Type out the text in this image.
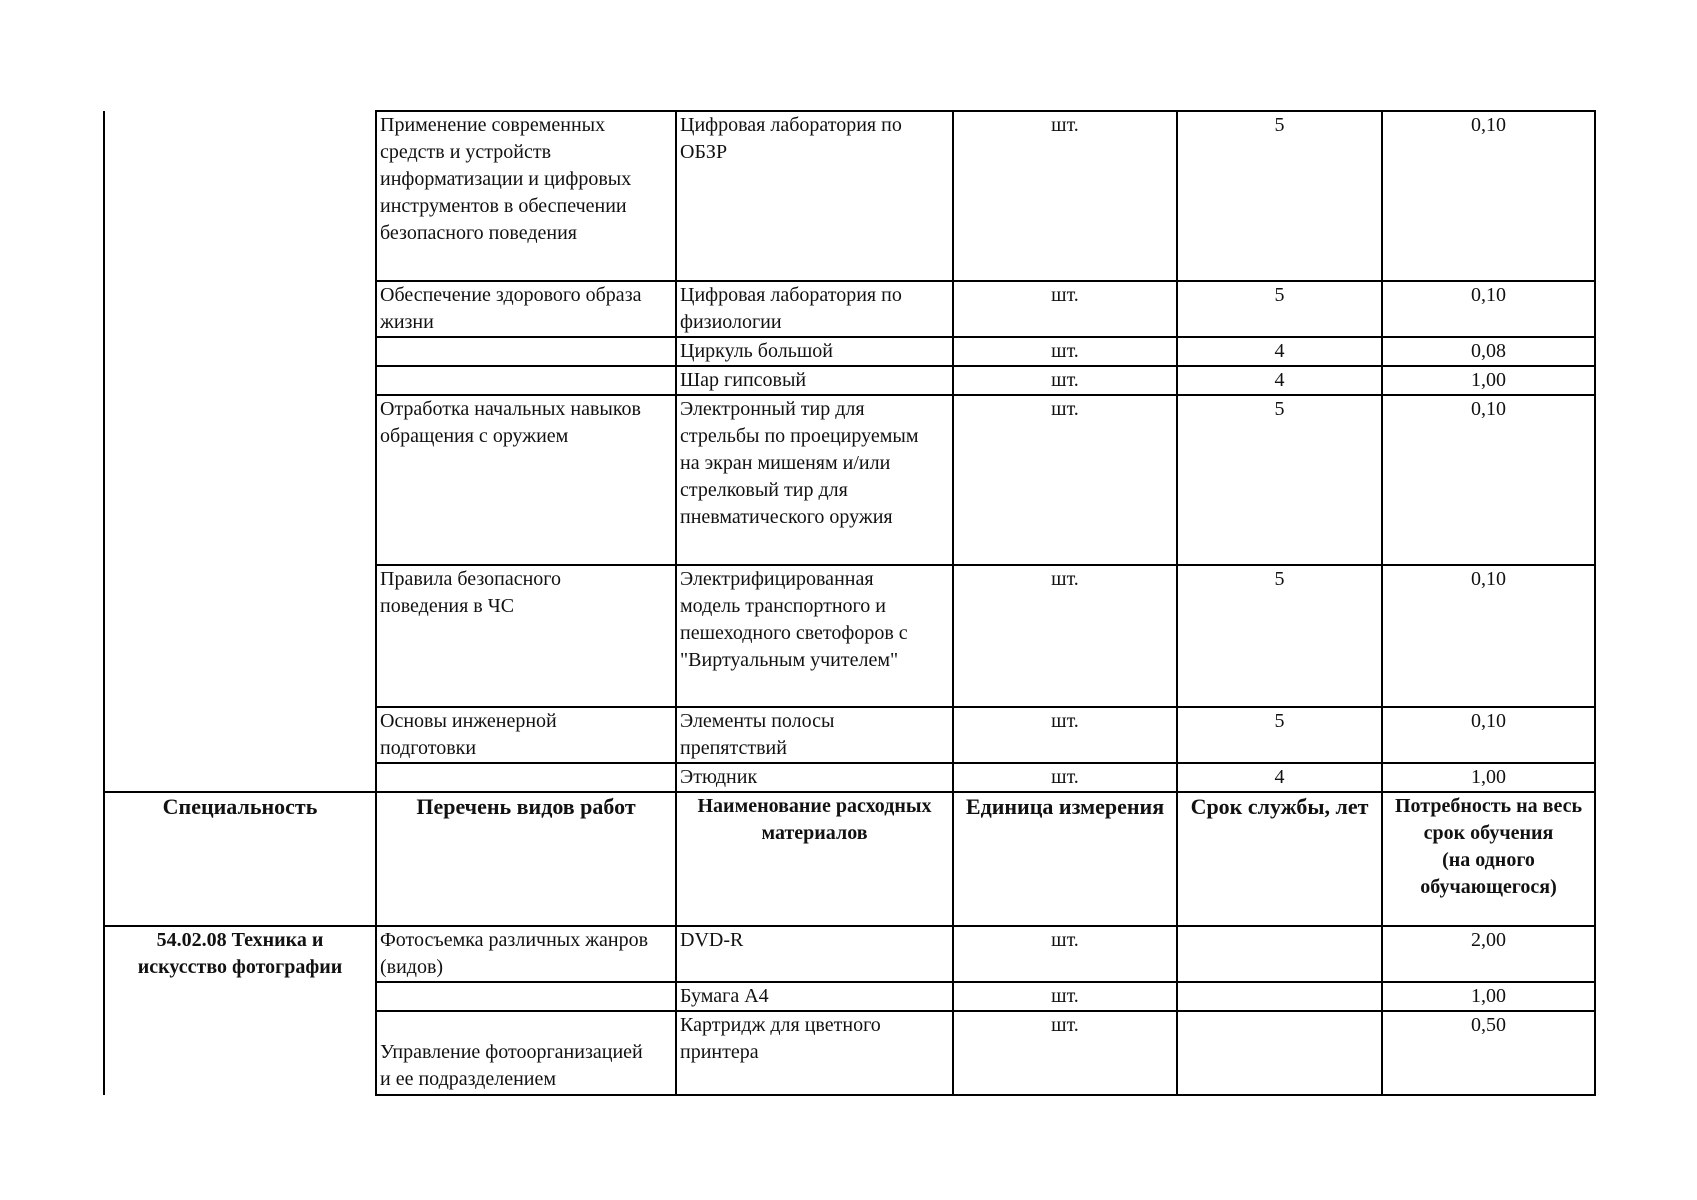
	Применение современных
средств и устройств
информатизации и цифровых
инструментов в обеспечении
безопасного поведения	Цифровая лаборатория по
ОБЗР	шт.	5	0,10
	Обеспечение здорового образа
жизни	Цифровая лаборатория по
физиологии	шт.	5	0,10
		Циркуль большой	шт.	4	0,08
		Шар гипсовый	шт.	4	1,00
	Отработка начальных навыков
обращения с оружием	Электронный тир для
стрельбы по проецируемым
на экран мишеням и/или
стрелковый тир для
пневматического оружия	шт.	5	0,10
	Правила безопасного
поведения в ЧС	Электрифицированная
модель транспортного и
пешеходного светофоров с
"Виртуальным учителем"	шт.	5	0,10
	Основы инженерной
подготовки	Элементы полосы
препятствий	шт.	5	0,10
		Этюдник	шт.	4	1,00
Специальность	Перечень видов работ	Наименование расходных
материалов	Единица измерения	Срок службы, лет	Потребность на весь
срок обучения
(на одного
обучающегося)
54.02.08 Техника и
искусство фотографии	Фотосъемка различных жанров
(видов)	DVD-R	шт.		2,00
		Бумага А4	шт.		1,00

Управление фотоорганизацией
и ее подразделением	Картридж для цветного
принтера	шт.		0,50
